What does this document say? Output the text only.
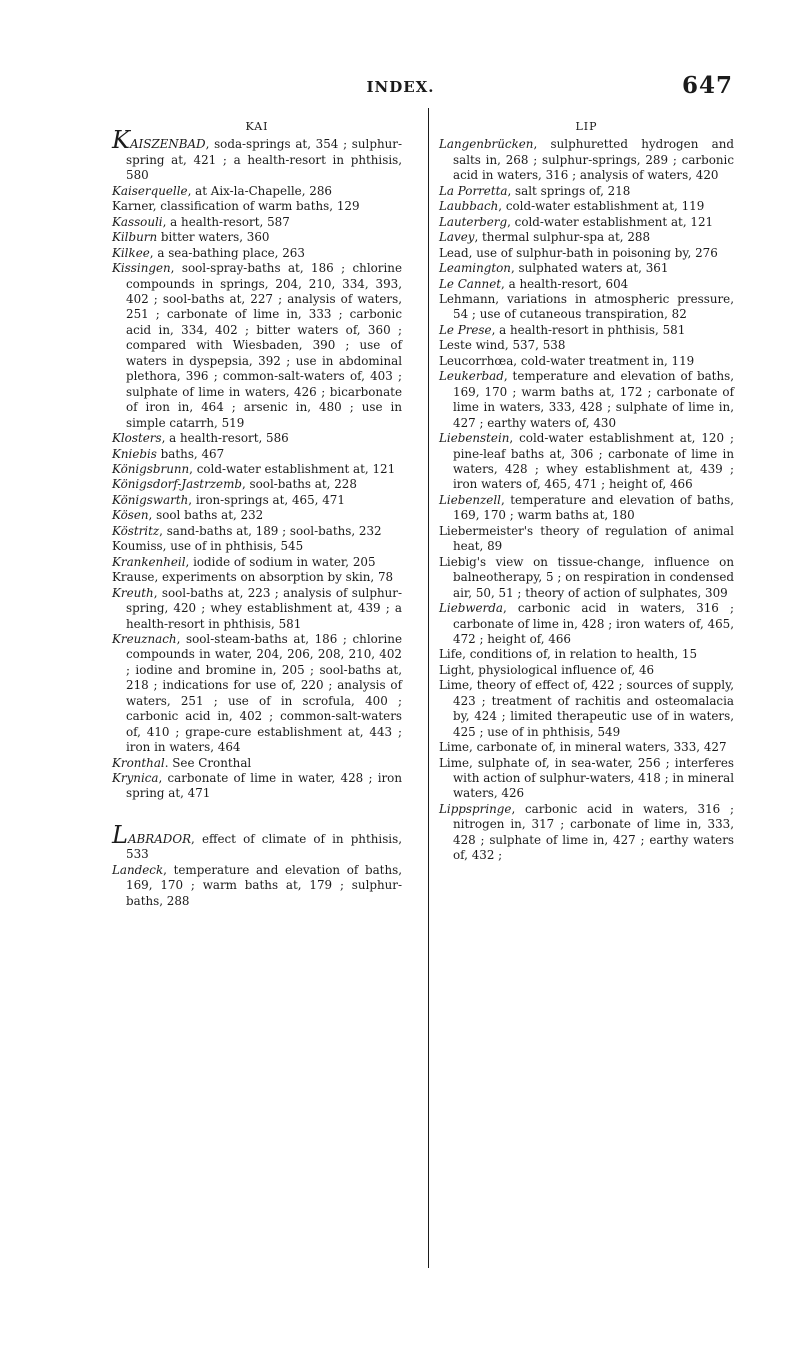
INDEX.	647
KAI
KAISZENBAD, soda-springs at, 354 ; sulphur-spring at, 421 ; a health-resort in phthisis, 580
Kaiserquelle, at Aix-la-Chapelle, 286
Karner, classification of warm baths, 129
Kassouli, a health-resort, 587
Kilburn bitter waters, 360
Kilkee, a sea-bathing place, 263
Kissingen, sool-spray-baths at, 186 ; chlorine compounds in springs, 204, 210, 334, 393, 402 ; sool-baths at, 227 ; analysis of waters, 251 ; carbonate of lime in, 333 ; carbonic acid in, 334, 402 ; bitter waters of, 360 ; compared with Wiesbaden, 390 ; use of waters in dyspepsia, 392 ; use in abdominal plethora, 396 ; common-salt-waters of, 403 ; sulphate of lime in waters, 426 ; bicarbonate of iron in, 464 ; arsenic in, 480 ; use in simple catarrh, 519
Klosters, a health-resort, 586
Kniebis baths, 467
Königsbrunn, cold-water establishment at, 121
Königsdorf-Jastrzemb, sool-baths at, 228
Königswarth, iron-springs at, 465, 471
Kösen, sool baths at, 232
Köstritz, sand-baths at, 189 ; sool-baths, 232
Koumiss, use of in phthisis, 545
Krankenheil, iodide of sodium in water, 205
Krause, experiments on absorption by skin, 78
Kreuth, sool-baths at, 223 ; analysis of sulphur-spring, 420 ; whey establishment at, 439 ; a health-resort in phthisis, 581
Kreuznach, sool-steam-baths at, 186 ; chlorine compounds in water, 204, 206, 208, 210, 402 ; iodine and bromine in, 205 ; sool-baths at, 218 ; indications for use of, 220 ; analysis of waters, 251 ; use of in scrofula, 400 ; carbonic acid in, 402 ; common-salt-waters of, 410 ; grape-cure establishment at, 443 ; iron in waters, 464
Kronthal. See Cronthal
Krynica, carbonate of lime in water, 428 ; iron spring at, 471
LABRADOR, effect of climate of in phthisis, 533
Landeck, temperature and elevation of baths, 169, 170 ; warm baths at, 179 ; sulphur-baths, 288
LIP
Langenbrücken, sulphuretted hydrogen and salts in, 268 ; sulphur-springs, 289 ; carbonic acid in waters, 316 ; analysis of waters, 420
La Porretta, salt springs of, 218
Laubbach, cold-water establishment at, 119
Lauterberg, cold-water establishment at, 121
Lavey, thermal sulphur-spa at, 288
Lead, use of sulphur-bath in poisoning by, 276
Leamington, sulphated waters at, 361
Le Cannet, a health-resort, 604
Lehmann, variations in atmospheric pressure, 54 ; use of cutaneous transpiration, 82
Le Prese, a health-resort in phthisis, 581
Leste wind, 537, 538
Leucorrhœa, cold-water treatment in, 119
Leukerbad, temperature and elevation of baths, 169, 170 ; warm baths at, 172 ; carbonate of lime in waters, 333, 428 ; sulphate of lime in, 427 ; earthy waters of, 430
Liebenstein, cold-water establishment at, 120 ; pine-leaf baths at, 306 ; carbonate of lime in waters, 428 ; whey establishment at, 439 ; iron waters of, 465, 471 ; height of, 466
Liebenzell, temperature and elevation of baths, 169, 170 ; warm baths at, 180
Liebermeister's theory of regulation of animal heat, 89
Liebig's view on tissue-change, influence on balneotherapy, 5 ; on respiration in condensed air, 50, 51 ; theory of action of sulphates, 309
Liebwerda, carbonic acid in waters, 316 ; carbonate of lime in, 428 ; iron waters of, 465, 472 ; height of, 466
Life, conditions of, in relation to health, 15
Light, physiological influence of, 46
Lime, theory of effect of, 422 ; sources of supply, 423 ; treatment of rachitis and osteomalacia by, 424 ; limited therapeutic use of in waters, 425 ; use of in phthisis, 549
Lime, carbonate of, in mineral waters, 333, 427
Lime, sulphate of, in sea-water, 256 ; interferes with action of sulphur-waters, 418 ; in mineral waters, 426
Lippspringe, carbonic acid in waters, 316 ; nitrogen in, 317 ; carbonate of lime in, 333, 428 ; sulphate of lime in, 427 ; earthy waters of, 432 ;
